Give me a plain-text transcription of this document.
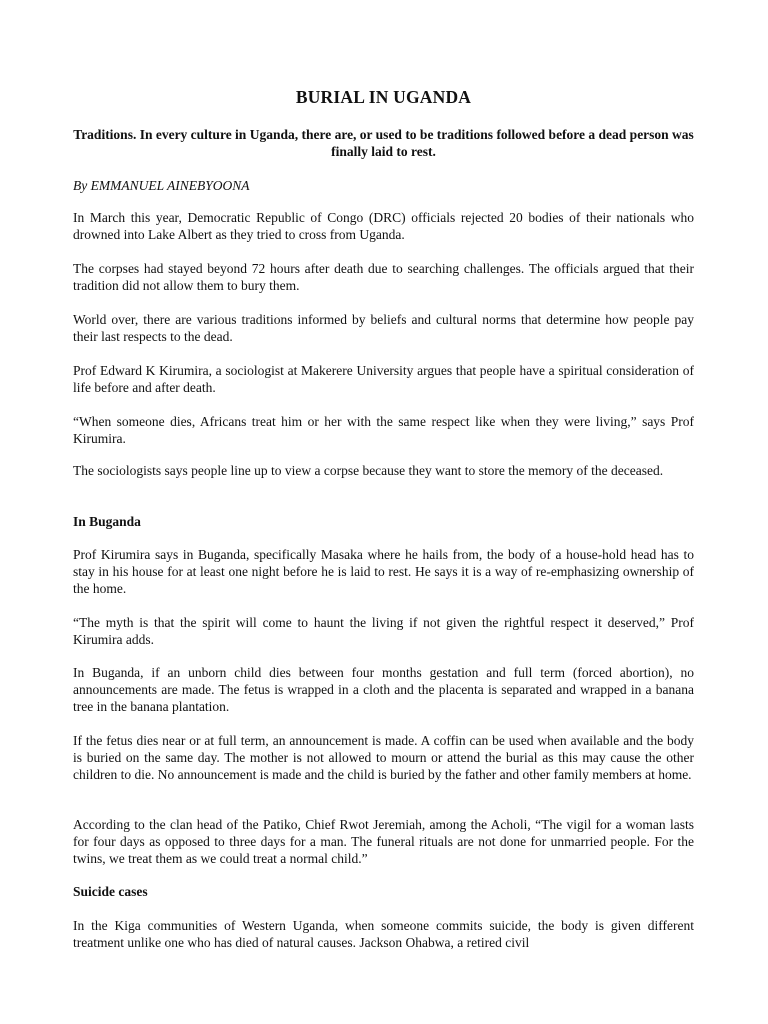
BURIAL IN UGANDA

Traditions. In every culture in Uganda, there are, or used to be traditions followed before a dead person was finally laid to rest.

By EMMANUEL AINEBYOONA

In March this year, Democratic Republic of Congo (DRC) officials rejected 20 bodies of their nationals who drowned into Lake Albert as they tried to cross from Uganda.

The corpses had stayed beyond 72 hours after death due to searching challenges. The officials argued that their tradition did not allow them to bury them.

World over, there are various traditions informed by beliefs and cultural norms that determine how people pay their last respects to the dead.

Prof Edward K Kirumira, a sociologist at Makerere University argues that people have a spiritual consideration of life before and after death.

“When someone dies, Africans treat him or her with the same respect like when they were living,” says Prof Kirumira.

The sociologists says people line up to view a corpse because they want to store the memory of the deceased.

In Buganda

Prof Kirumira says in Buganda, specifically Masaka where he hails from, the body of a house-hold head has to stay in his house for at least one night before he is laid to rest. He says it is a way of re-emphasizing ownership of the home.

“The myth is that the spirit will come to haunt the living if not given the rightful respect it deserved,” Prof Kirumira adds.

In Buganda, if an unborn child dies between four months gestation and full term (forced abortion), no announcements are made. The fetus is wrapped in a cloth and the placenta is separated and wrapped in a banana tree in the banana plantation.

If the fetus dies near or at full term, an announcement is made. A coffin can be used when available and the body is buried on the same day. The mother is not allowed to mourn or attend the burial as this may cause the other children to die. No announcement is made and the child is buried by the father and other family members at home.

According to the clan head of the Patiko, Chief Rwot Jeremiah, among the Acholi, “The vigil for a woman lasts for four days as opposed to three days for a man. The funeral rituals are not done for unmarried people. For the twins, we treat them as we could treat a normal child.”

Suicide cases

In the Kiga communities of Western Uganda, when someone commits suicide, the body is given different treatment unlike one who has died of natural causes. Jackson Ohabwa, a retired civil
